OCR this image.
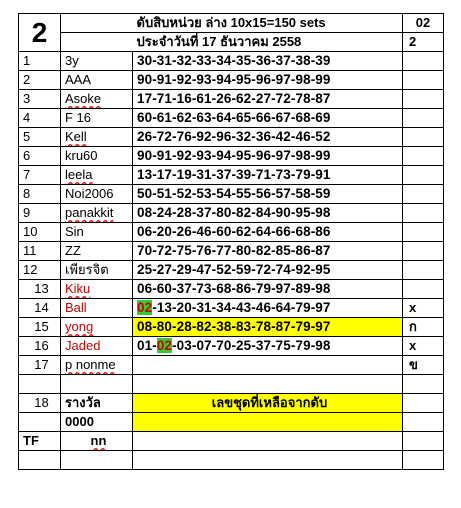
2		ดับสิบหน่วย ล่าง 10x15=150 sets	02
		ประจำวันที่ 17 ธันวาคม 2558	2
1	3y	30-31-32-33-34-35-36-37-38-39	
2	AAA	90-91-92-93-94-95-96-97-98-99	
3	Asoke	17-71-16-61-26-62-27-72-78-87	
4	F 16	60-61-62-63-64-65-66-67-68-69	
5	Kell	26-72-76-92-96-32-36-42-46-52	
6	kru60	90-91-92-93-94-95-96-97-98-99	
7	leela	13-17-19-31-37-39-71-73-79-91	
8	Noi2006	50-51-52-53-54-55-56-57-58-59	
9	panakkit	08-24-28-37-80-82-84-90-95-98	
10	Sin	06-20-26-46-60-62-64-66-68-86	
11	ZZ	70-72-75-76-77-80-82-85-86-87	
12	เพียรจิต	25-27-29-47-52-59-72-74-92-95	
13	Kiku	06-60-37-73-68-86-79-97-89-98	
14	Ball	02-13-20-31-34-43-46-64-79-97	x
15	yong	08-80-28-82-38-83-78-87-79-97	ก
16	Jaded	01-02-03-07-70-25-37-75-79-98	x
17	p nonme		ข

18	รางวัล	เลขชุดที่เหลือจากดับ	
	0000		
TF	nn		
